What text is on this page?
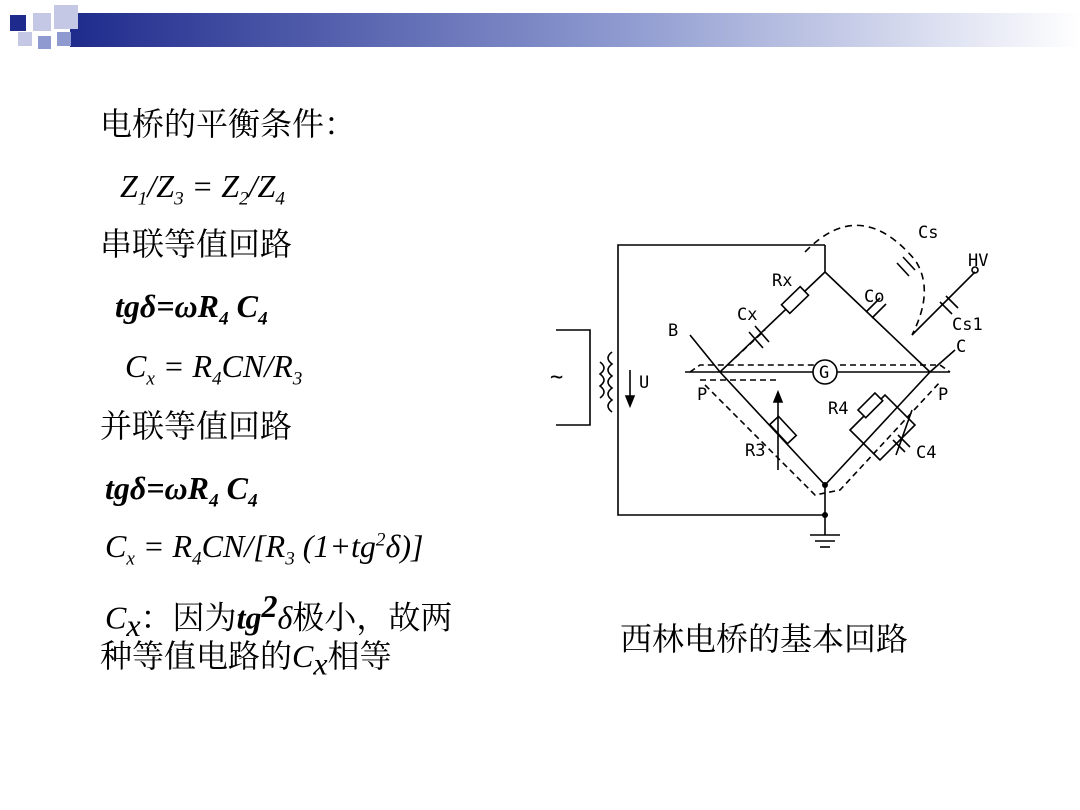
电桥的平衡条件：
$Z_1/Z_3 = Z_2/Z_4$
串联等值回路
$tg\delta=\omega R_4$ $C_4$
$C_x = R_4CN/R_3$
并联等值回路
$tg\delta=\omega R_4$ $C_4$
$C_x = R_4CN/[R_3$ $(1+tg^2\delta)$]
$C_x$：因为$tg^2\delta$极小，故两
种等值电路的$C_x$相等
Cs
HV
Rx
Co
Cx	Cs1
B
C
~	U	G
P	P
R4
R3	C4
西林电桥的基本回路
